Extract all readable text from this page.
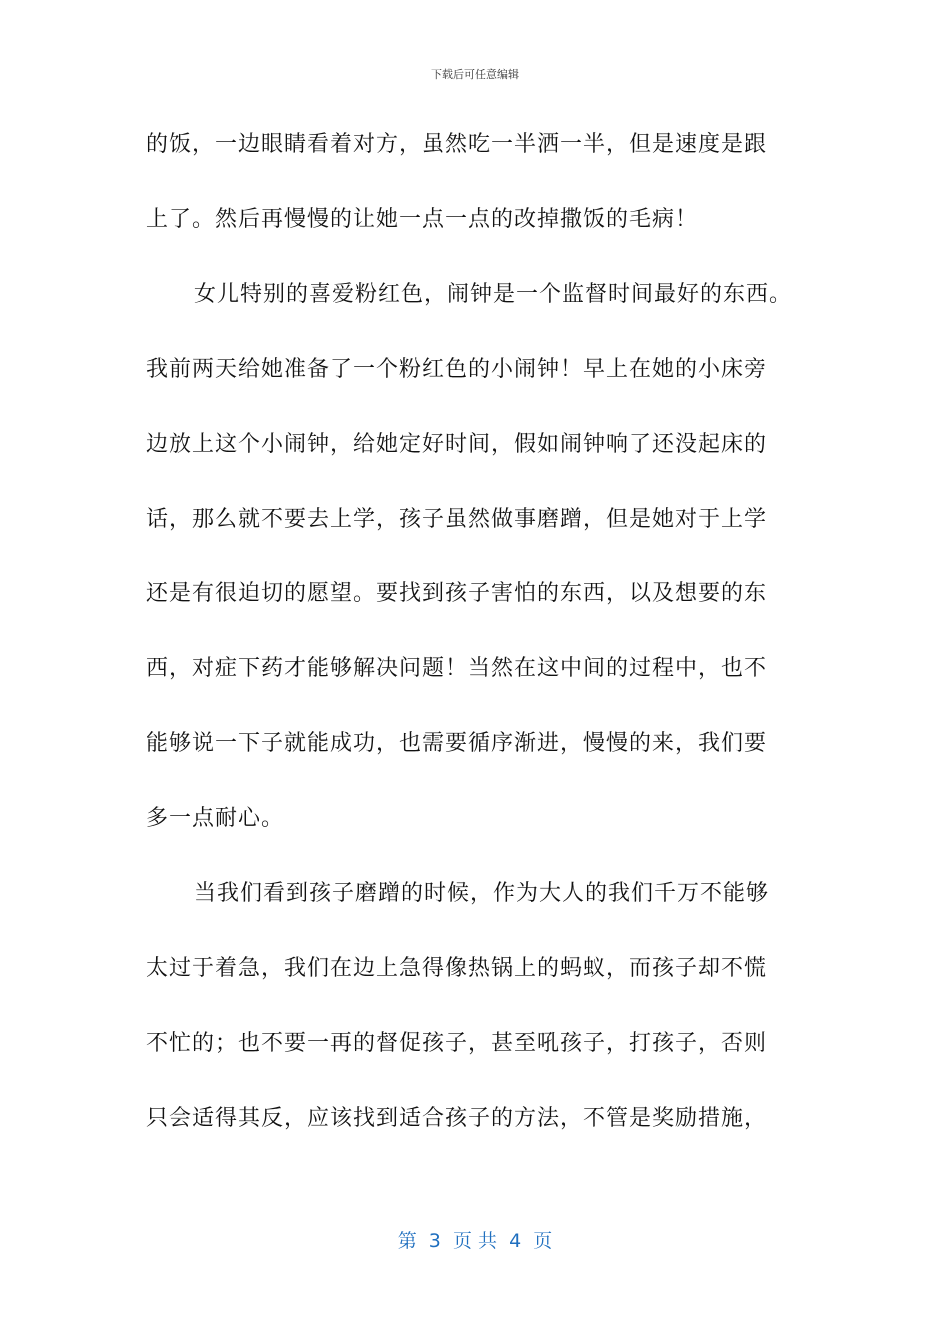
下载后可任意编辑
的饭，一边眼睛看着对方，虽然吃一半洒一半，但是速度是跟
上了。然后再慢慢的让她一点一点的改掉撒饭的毛病！
女儿特别的喜爱粉红色，闹钟是一个监督时间最好的东西。
我前两天给她准备了一个粉红色的小闹钟！早上在她的小床旁
边放上这个小闹钟，给她定好时间，假如闹钟响了还没起床的
话，那么就不要去上学，孩子虽然做事磨蹭，但是她对于上学
还是有很迫切的愿望。要找到孩子害怕的东西，以及想要的东
西，对症下药才能够解决问题！当然在这中间的过程中，也不
能够说一下子就能成功，也需要循序渐进，慢慢的来，我们要
多一点耐心。
当我们看到孩子磨蹭的时候，作为大人的我们千万不能够
太过于着急，我们在边上急得像热锅上的蚂蚁，而孩子却不慌
不忙的；也不要一再的督促孩子，甚至吼孩子，打孩子，否则
只会适得其反，应该找到适合孩子的方法，不管是奖励措施，
第  3  页 共  4  页
